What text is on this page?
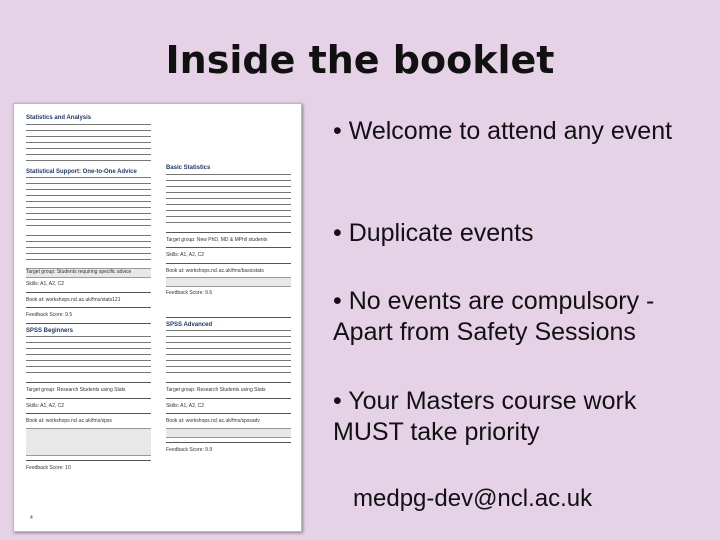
Inside the booklet
Statistics and Analysis
Statistical Support: One-to-One Advice
Target group: Students requiring specific advice
Skills: A1, A2, C2
Book at: workshops.ncl.ac.uk/fms/stats121
Feedback Score: 9.5
SPSS Beginners
Target group: Research Students using Stats
Skills: A1, A2, C2
Book at: workshops.ncl.ac.uk/fms/spss
Feedback Score: 10
Basic Statistics
Target group: New PhD, MD & MPhil students
Skills: A1, A2, C2
Book at: workshops.ncl.ac.uk/fms/basicstats
Feedback Score: 9.6
SPSS Advanced
Target group: Research Students using Stats
Skills: A1, A2, C2
Book at: workshops.ncl.ac.uk/fms/spssadv
Feedback Score: 9.9
4

• Welcome to attend any event

• Duplicate events

• No events are compulsory -Apart from Safety Sessions

• Your Masters course work MUST take priority

medpg-dev@ncl.ac.uk
